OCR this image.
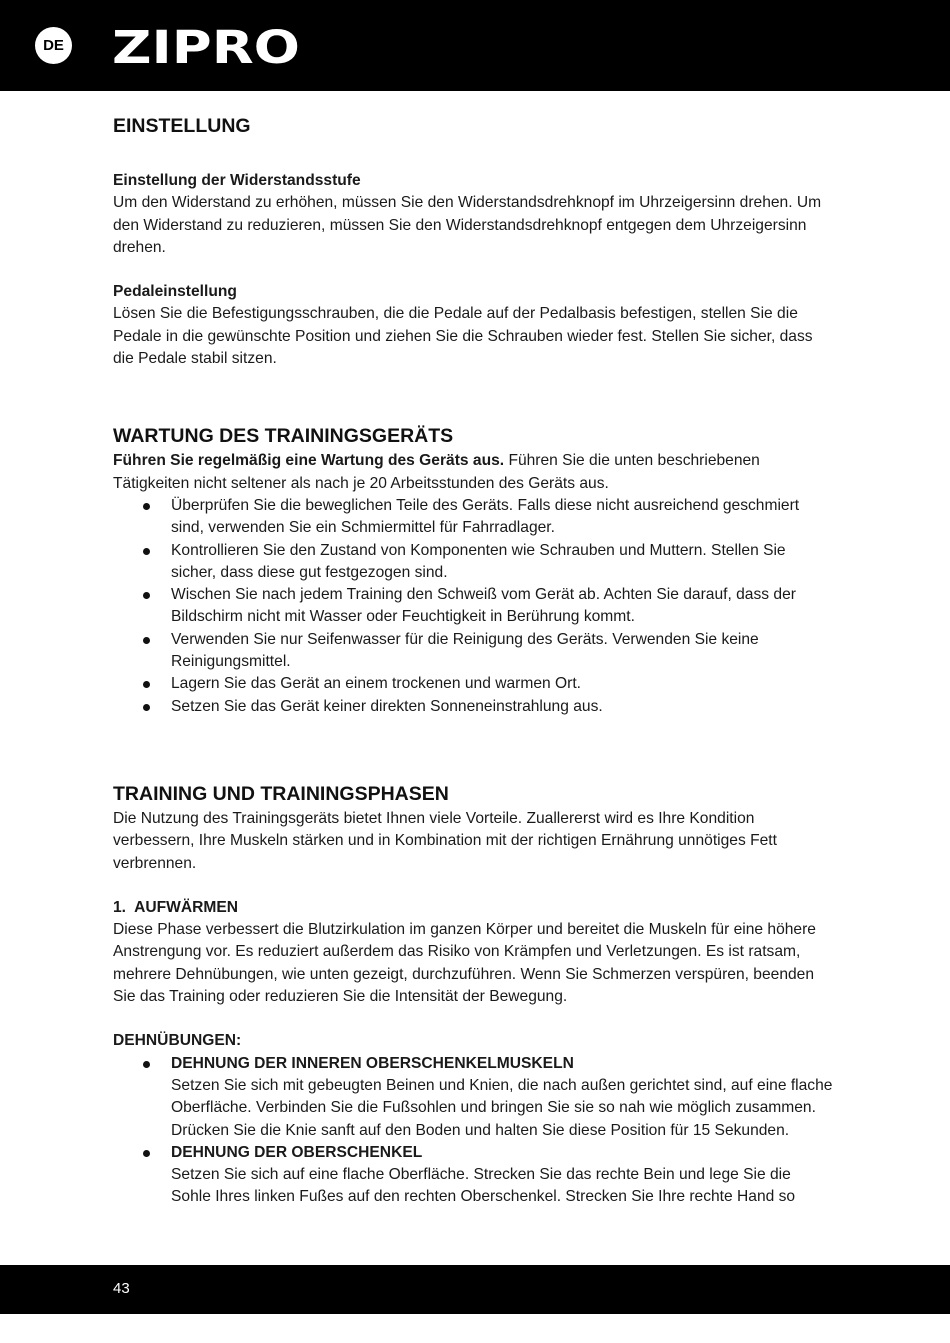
DE ZIPRO
EINSTELLUNG

Einstellung der Widerstandsstufe

Um den Widerstand zu erhöhen, müssen Sie den Widerstandsdrehknopf im Uhrzeigersinn drehen. Um den Widerstand zu reduzieren, müssen Sie den Widerstandsdrehknopf entgegen dem Uhrzeigersinn drehen.

Pedaleinstellung

Lösen Sie die Befestigungsschrauben, die die Pedale auf der Pedalbasis befestigen, stellen Sie die Pedale in die gewünschte Position und ziehen Sie die Schrauben wieder fest. Stellen Sie sicher, dass die Pedale stabil sitzen.

WARTUNG DES TRAININGSGERÄTS

Führen Sie regelmäßig eine Wartung des Geräts aus. Führen Sie die unten beschriebenen Tätigkeiten nicht seltener als nach je 20 Arbeitsstunden des Geräts aus.

Überprüfen Sie die beweglichen Teile des Geräts. Falls diese nicht ausreichend geschmiert sind, verwenden Sie ein Schmiermittel für Fahrradlager.
Kontrollieren Sie den Zustand von Komponenten wie Schrauben und Muttern. Stellen Sie sicher, dass diese gut festgezogen sind.
Wischen Sie nach jedem Training den Schweiß vom Gerät ab. Achten Sie darauf, dass der Bildschirm nicht mit Wasser oder Feuchtigkeit in Berührung kommt.
Verwenden Sie nur Seifenwasser für die Reinigung des Geräts. Verwenden Sie keine Reinigungsmittel.
Lagern Sie das Gerät an einem trockenen und warmen Ort.
Setzen Sie das Gerät keiner direkten Sonneneinstrahlung aus.
TRAINING UND TRAININGSPHASEN

Die Nutzung des Trainingsgeräts bietet Ihnen viele Vorteile. Zuallererst wird es Ihre Kondition verbessern, Ihre Muskeln stärken und in Kombination mit der richtigen Ernährung unnötiges Fett verbrennen.

1.  AUFWÄRMEN

Diese Phase verbessert die Blutzirkulation im ganzen Körper und bereitet die Muskeln für eine höhere Anstrengung vor. Es reduziert außerdem das Risiko von Krämpfen und Verletzungen. Es ist ratsam, mehrere Dehnübungen, wie unten gezeigt, durchzuführen. Wenn Sie Schmerzen verspüren, beenden Sie das Training oder reduzieren Sie die Intensität der Bewegung.

DEHNÜBUNGEN:

DEHNUNG DER INNEREN OBERSCHENKELMUSKELN
Setzen Sie sich mit gebeugten Beinen und Knien, die nach außen gerichtet sind, auf eine flache Oberfläche. Verbinden Sie die Fußsohlen und bringen Sie sie so nah wie möglich zusammen. Drücken Sie die Knie sanft auf den Boden und halten Sie diese Position für 15 Sekunden.
DEHNUNG DER OBERSCHENKEL
Setzen Sie sich auf eine flache Oberfläche. Strecken Sie das rechte Bein und lege Sie die Sohle Ihres linken Fußes auf den rechten Oberschenkel. Strecken Sie Ihre rechte Hand so
43
